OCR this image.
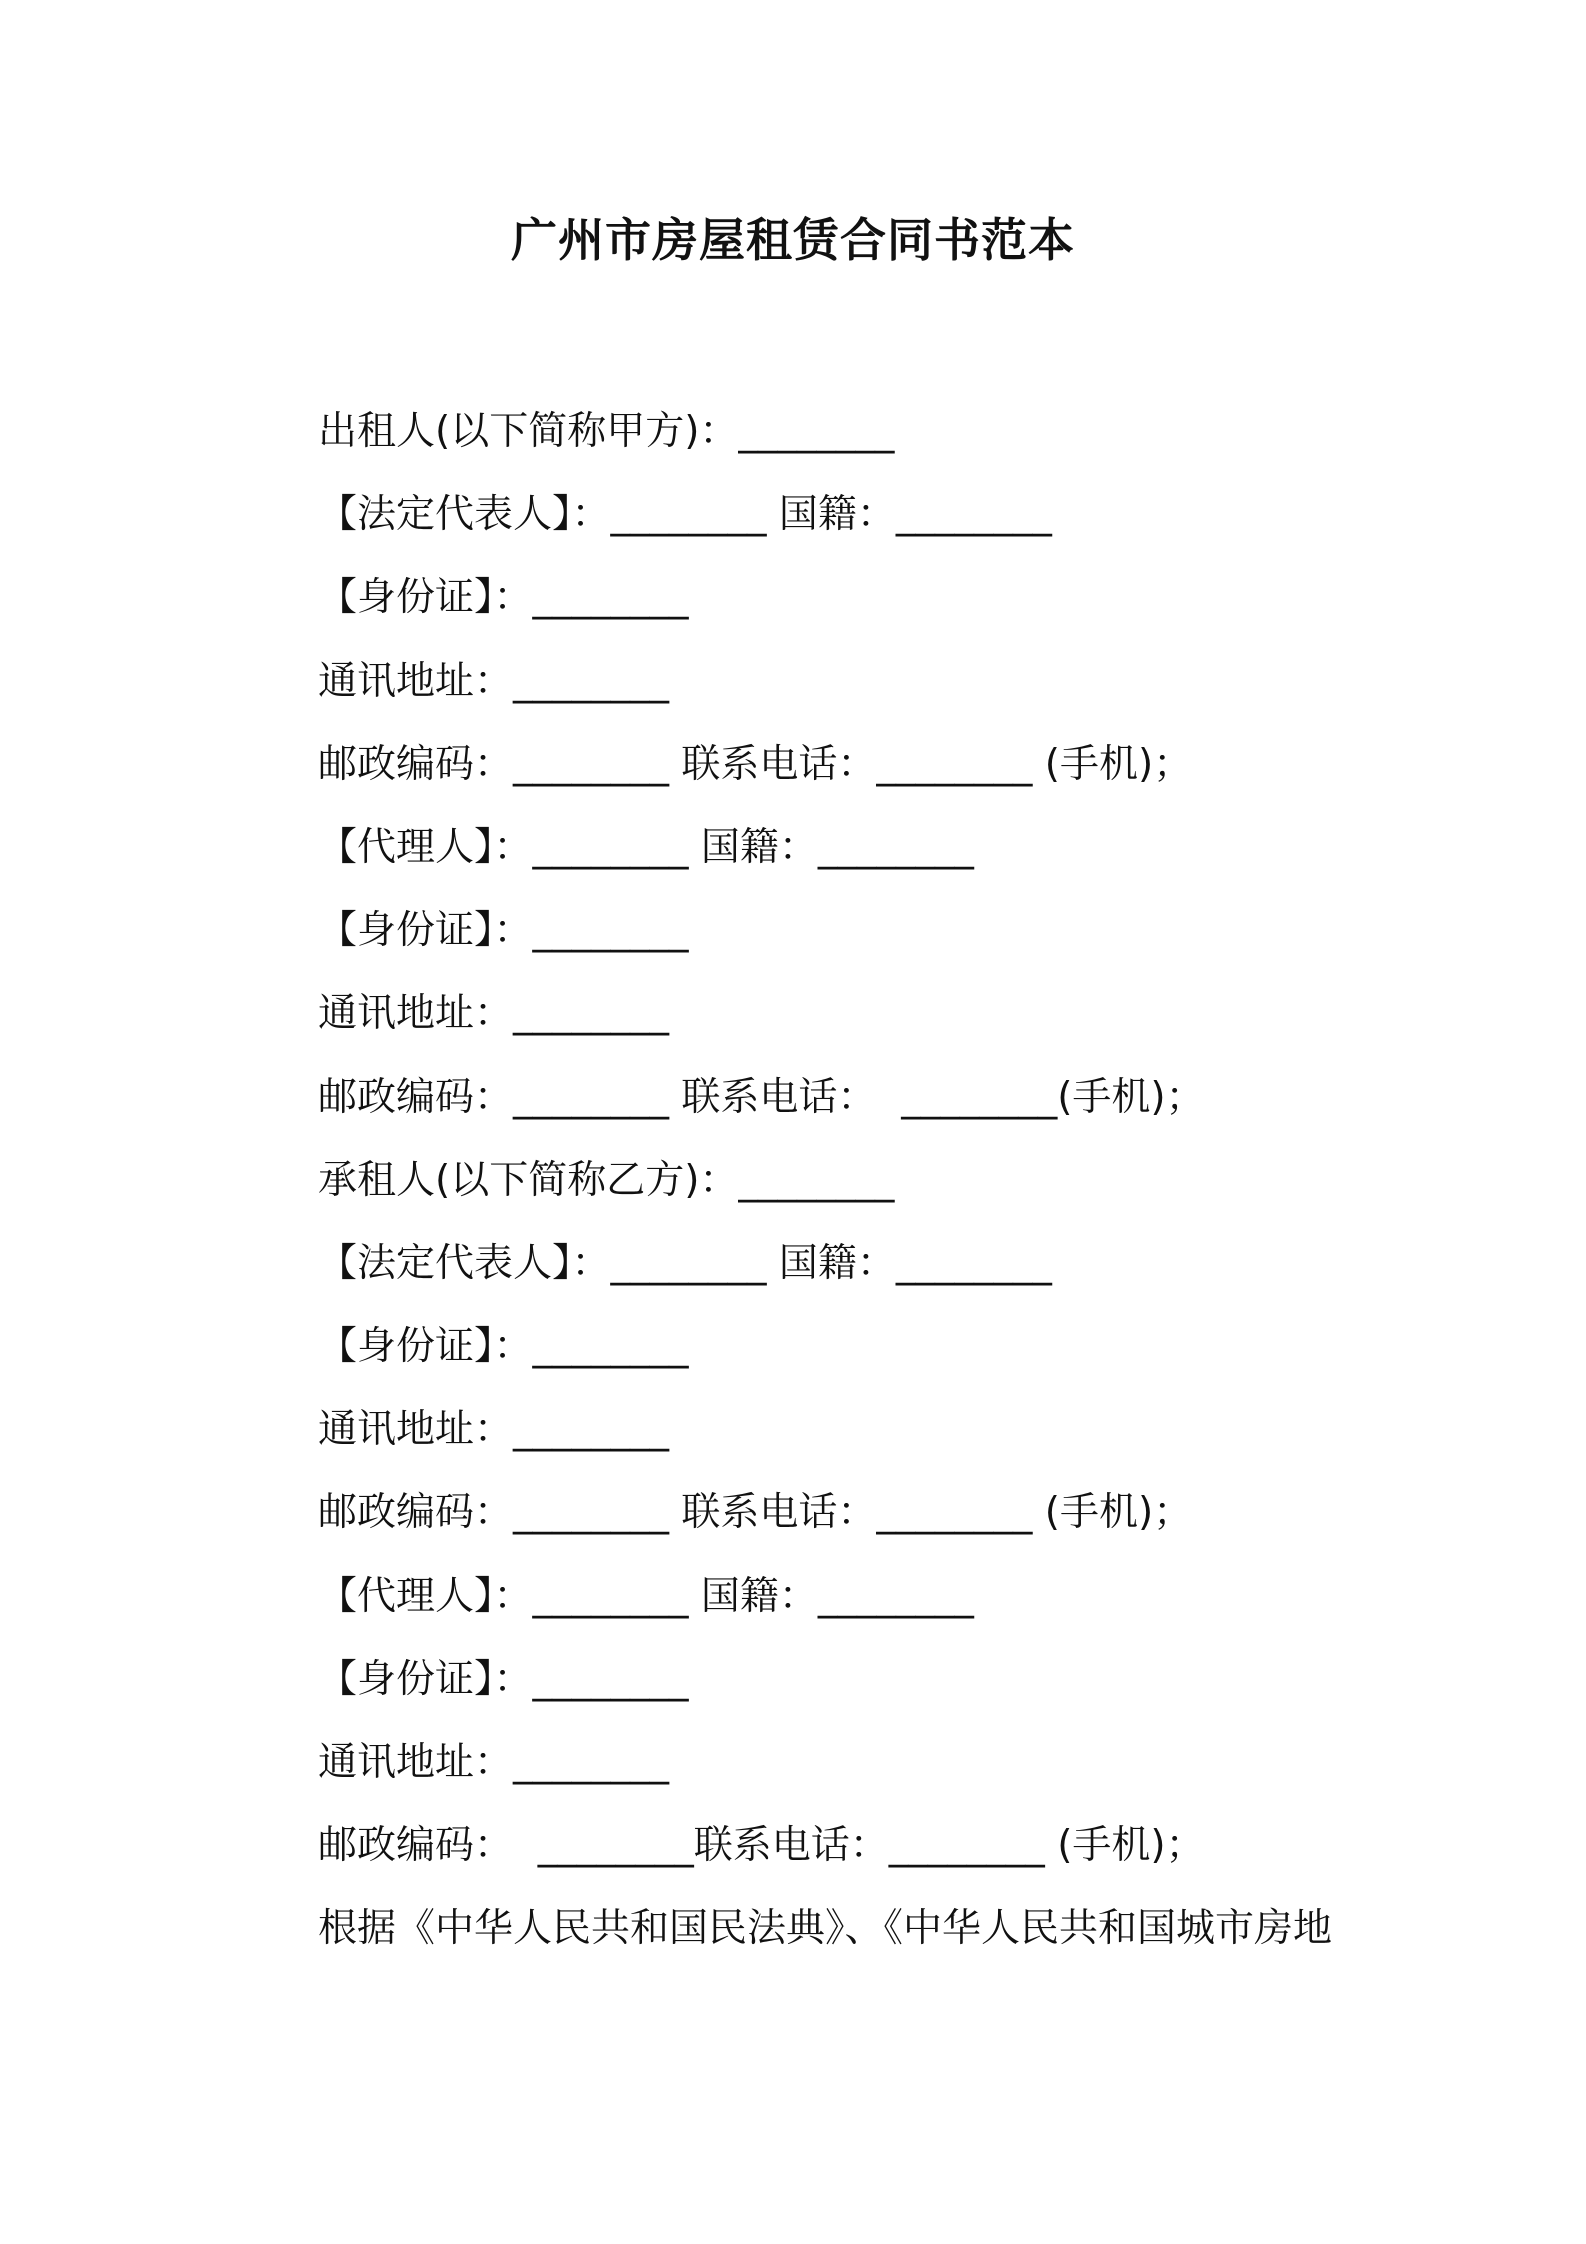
广州市房屋租赁合同书范本
出租人(以下简称甲方)：________
【法定代表人】：________ 国籍：________
【身份证】：________
通讯地址：________
邮政编码：________ 联系电话：________ (手机)；
【代理人】：________ 国籍：________
【身份证】：________
通讯地址：________
邮政编码：________ 联系电话：  ________(手机)；
承租人(以下简称乙方)：________
【法定代表人】：________ 国籍：________
【身份证】：________
通讯地址：________
邮政编码：________ 联系电话：________ (手机)；
【代理人】：________ 国籍：________
【身份证】：________
通讯地址：________
邮政编码：  ________联系电话：________ (手机)；
根据《中华人民共和国民法典》、《中华人民共和国城市房地
